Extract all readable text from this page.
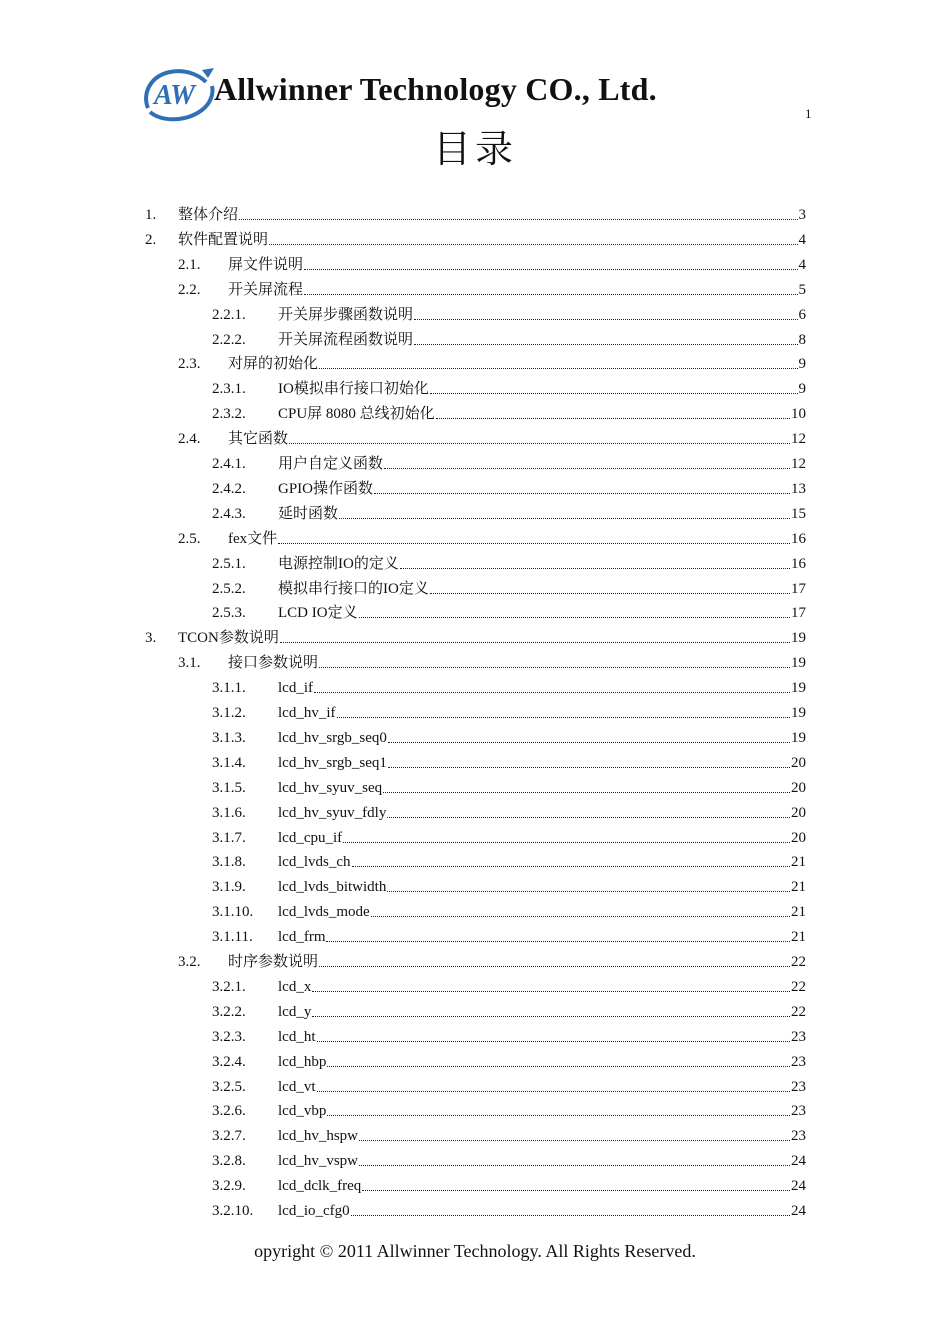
AW Allwinner Technology CO., Ltd.
1
目录
1.	整体介绍	3
2.	软件配置说明	4
2.1.	屏文件说明	4
2.2.	开关屏流程	5
2.2.1.	开关屏步骤函数说明	6
2.2.2.	开关屏流程函数说明	8
2.3.	对屏的初始化	9
2.3.1.	IO模拟串行接口初始化	9
2.3.2.	CPU屏 8080 总线初始化	10
2.4.	其它函数	12
2.4.1.	用户自定义函数	12
2.4.2.	GPIO操作函数	13
2.4.3.	延时函数	15
2.5.	fex文件	16
2.5.1.	电源控制IO的定义	16
2.5.2.	模拟串行接口的IO定义	17
2.5.3.	LCD IO定义	17
3.	TCON参数说明	19
3.1.	接口参数说明	19
3.1.1.	lcd_if	19
3.1.2.	lcd_hv_if	19
3.1.3.	lcd_hv_srgb_seq0	19
3.1.4.	lcd_hv_srgb_seq1	20
3.1.5.	lcd_hv_syuv_seq	20
3.1.6.	lcd_hv_syuv_fdly	20
3.1.7.	lcd_cpu_if	20
3.1.8.	lcd_lvds_ch	21
3.1.9.	lcd_lvds_bitwidth	21
3.1.10.	lcd_lvds_mode	21
3.1.11.	lcd_frm	21
3.2.	时序参数说明	22
3.2.1.	lcd_x	22
3.2.2.	lcd_y	22
3.2.3.	lcd_ht	23
3.2.4.	lcd_hbp	23
3.2.5.	lcd_vt	23
3.2.6.	lcd_vbp	23
3.2.7.	lcd_hv_hspw	23
3.2.8.	lcd_hv_vspw	24
3.2.9.	lcd_dclk_freq	24
3.2.10.	lcd_io_cfg0	24
opyright © 2011 Allwinner Technology. All Rights Reserved.
